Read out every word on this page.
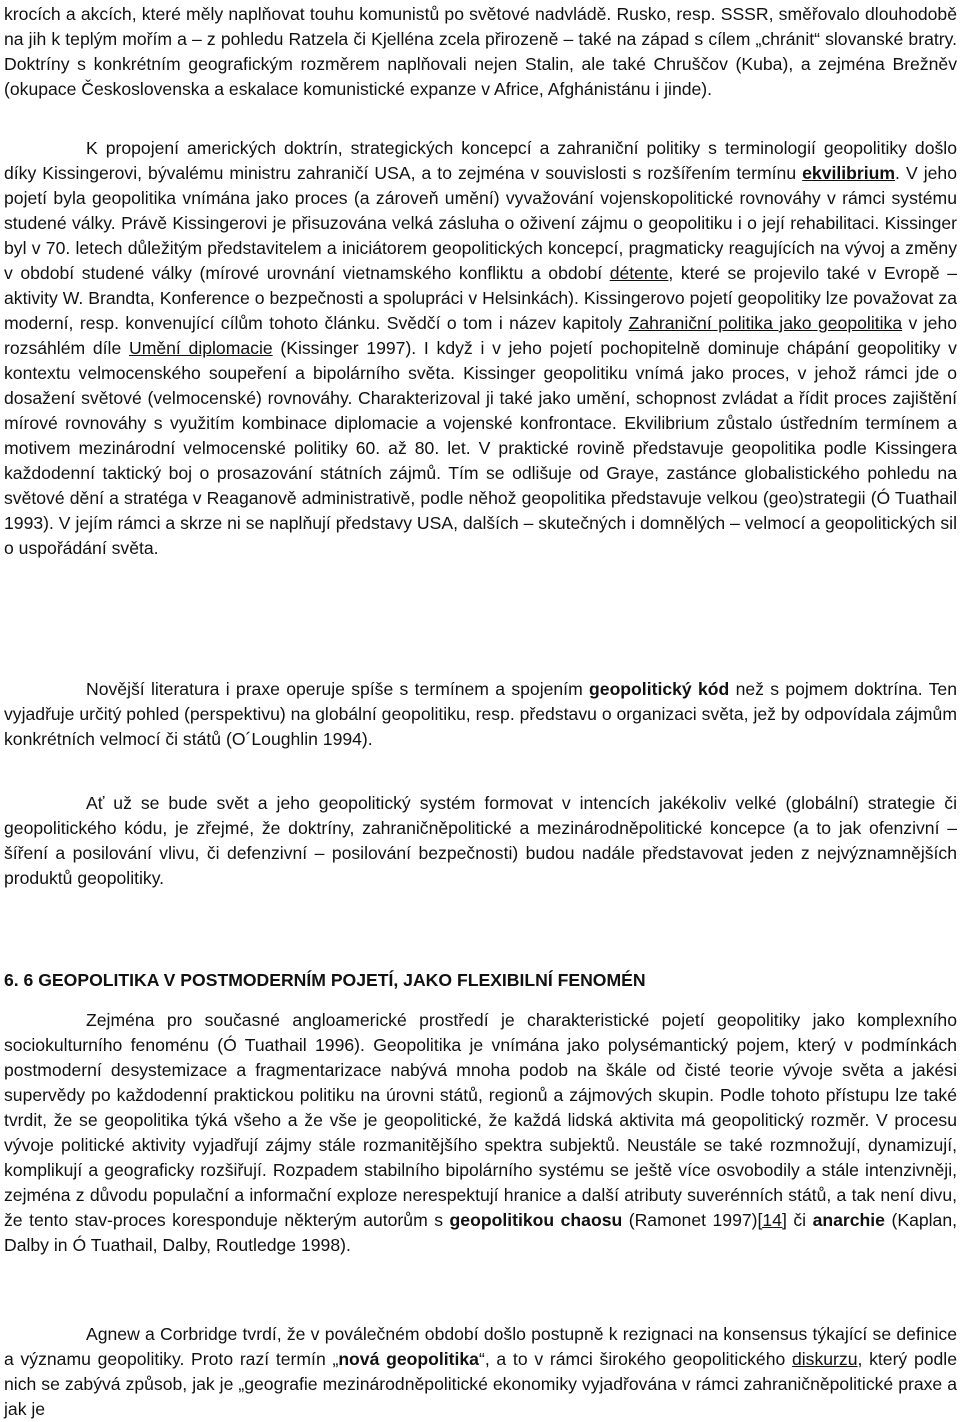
krocích a akcích, které měly naplňovat touhu komunistů po světové nadvládě. Rusko, resp. SSSR, směřovalo dlouhodobě na jih k teplým mořím a – z pohledu Ratzela či Kjelléna zcela přirozeně – také na západ s cílem „chránit“ slovanské bratry. Doktríny s konkrétním geografickým rozměrem naplňovali nejen Stalin, ale také Chruščov (Kuba), a zejména Brežněv (okupace Československa a eskalace komunistické expanze v Africe, Afghánistánu i jinde).

K propojení amerických doktrín, strategických koncepcí a zahraniční politiky s terminologií geopolitiky došlo díky Kissingerovi, bývalému ministru zahraničí USA, a to zejména v souvislosti s rozšířením termínu ekvilibrium. V jeho pojetí byla geopolitika vnímána jako proces (a zároveň umění) vyvažování vojenskopolitické rovnováhy v rámci systému studené války. Právě Kissingerovi je přisuzována velká zásluha o oživení zájmu o geopolitiku i o její rehabilitaci. Kissinger byl v 70. letech důležitým představitelem a iniciátorem geopolitických koncepcí, pragmaticky reagujících na vývoj a změny v období studené války (mírové urovnání vietnamského konfliktu a období détente, které se projevilo také v Evropě – aktivity W. Brandta, Konference o bezpečnosti a spolupráci v Helsinkách). Kissingerovo pojetí geopolitiky lze považovat za moderní, resp. konvenující cílům tohoto článku. Svědčí o tom i název kapitoly Zahraniční politika jako geopolitika v jeho rozsáhlém díle Umění diplomacie (Kissinger 1997). I když i v jeho pojetí pochopitelně dominuje chápání geopolitiky v kontextu velmocenského soupeření a bipolárního světa. Kissinger geopolitiku vnímá jako proces, v jehož rámci jde o dosažení světové (velmocenské) rovnováhy. Charakterizoval ji také jako umění, schopnost zvládat a řídit proces zajištění mírové rovnováhy s využitím kombinace diplomacie a vojenské konfrontace. Ekvilibrium zůstalo ústředním termínem a motivem mezinárodní velmocenské politiky 60. až 80. let. V praktické rovině představuje geopolitika podle Kissingera každodenní taktický boj o prosazování státních zájmů. Tím se odlišuje od Graye, zastánce globalistického pohledu na světové dění a stratéga v Reaganově administrativě, podle něhož geopolitika představuje velkou (geo)strategii (Ó Tuathail 1993). V jejím rámci a skrze ni se naplňují představy USA, dalších – skutečných i domnělých – velmocí a geopolitických sil o uspořádání světa.

Novější literatura i praxe operuje spíše s termínem a spojením geopolitický kód než s pojmem doktrína. Ten vyjadřuje určitý pohled (perspektivu) na globální geopolitiku, resp. představu o organizaci světa, jež by odpovídala zájmům konkrétních velmocí či států (O´Loughlin 1994).

Ať už se bude svět a jeho geopolitický systém formovat v intencích jakékoliv velké (globální) strategie či geopolitického kódu, je zřejmé, že doktríny, zahraničněpolitické a mezinárodněpolitické koncepce (a to jak ofenzivní – šíření a posilování vlivu, či defenzivní – posilování bezpečnosti) budou nadále představovat jeden z nejvýznamnějších produktů geopolitiky.

6. 6 GEOPOLITIKA V POSTMODERNÍM POJETÍ, JAKO FLEXIBILNÍ FENOMÉN

Zejména pro současné angloamerické prostředí je charakteristické pojetí geopolitiky jako komplexního sociokulturního fenoménu (Ó Tuathail 1996). Geopolitika je vnímána jako polysémantický pojem, který v podmínkách postmoderní desystemizace a fragmentarizace nabývá mnoha podob na škále od čisté teorie vývoje světa a jakési supervědy po každodenní praktickou politiku na úrovni států, regionů a zájmových skupin. Podle tohoto přístupu lze také tvrdit, že se geopolitika týká všeho a že vše je geopolitické, že každá lidská aktivita má geopolitický rozměr. V procesu vývoje politické aktivity vyjadřují zájmy stále rozmanitějšího spektra subjektů. Neustále se také rozmnožují, dynamizují, komplikují a geograficky rozšiřují. Rozpadem stabilního bipolárního systému se ještě více osvobodily a stále intenzivněji, zejména z důvodu populační a informační exploze nerespektují hranice a další atributy suverénních států, a tak není divu, že tento stav-proces koresponduje některým autorům s geopolitikou chaosu (Ramonet 1997)[14] či anarchie (Kaplan, Dalby in Ó Tuathail, Dalby, Routledge 1998).

Agnew a Corbridge tvrdí, že v poválečném období došlo postupně k rezignaci na konsensus týkající se definice a významu geopolitiky. Proto razí termín „nová geopolitika“, a to v rámci širokého geopolitického diskurzu, který podle nich se zabývá způsob, jak je „geografie mezinárodněpolitické ekonomiky vyjadřována v rámci zahraničněpolitické praxe a jak je
